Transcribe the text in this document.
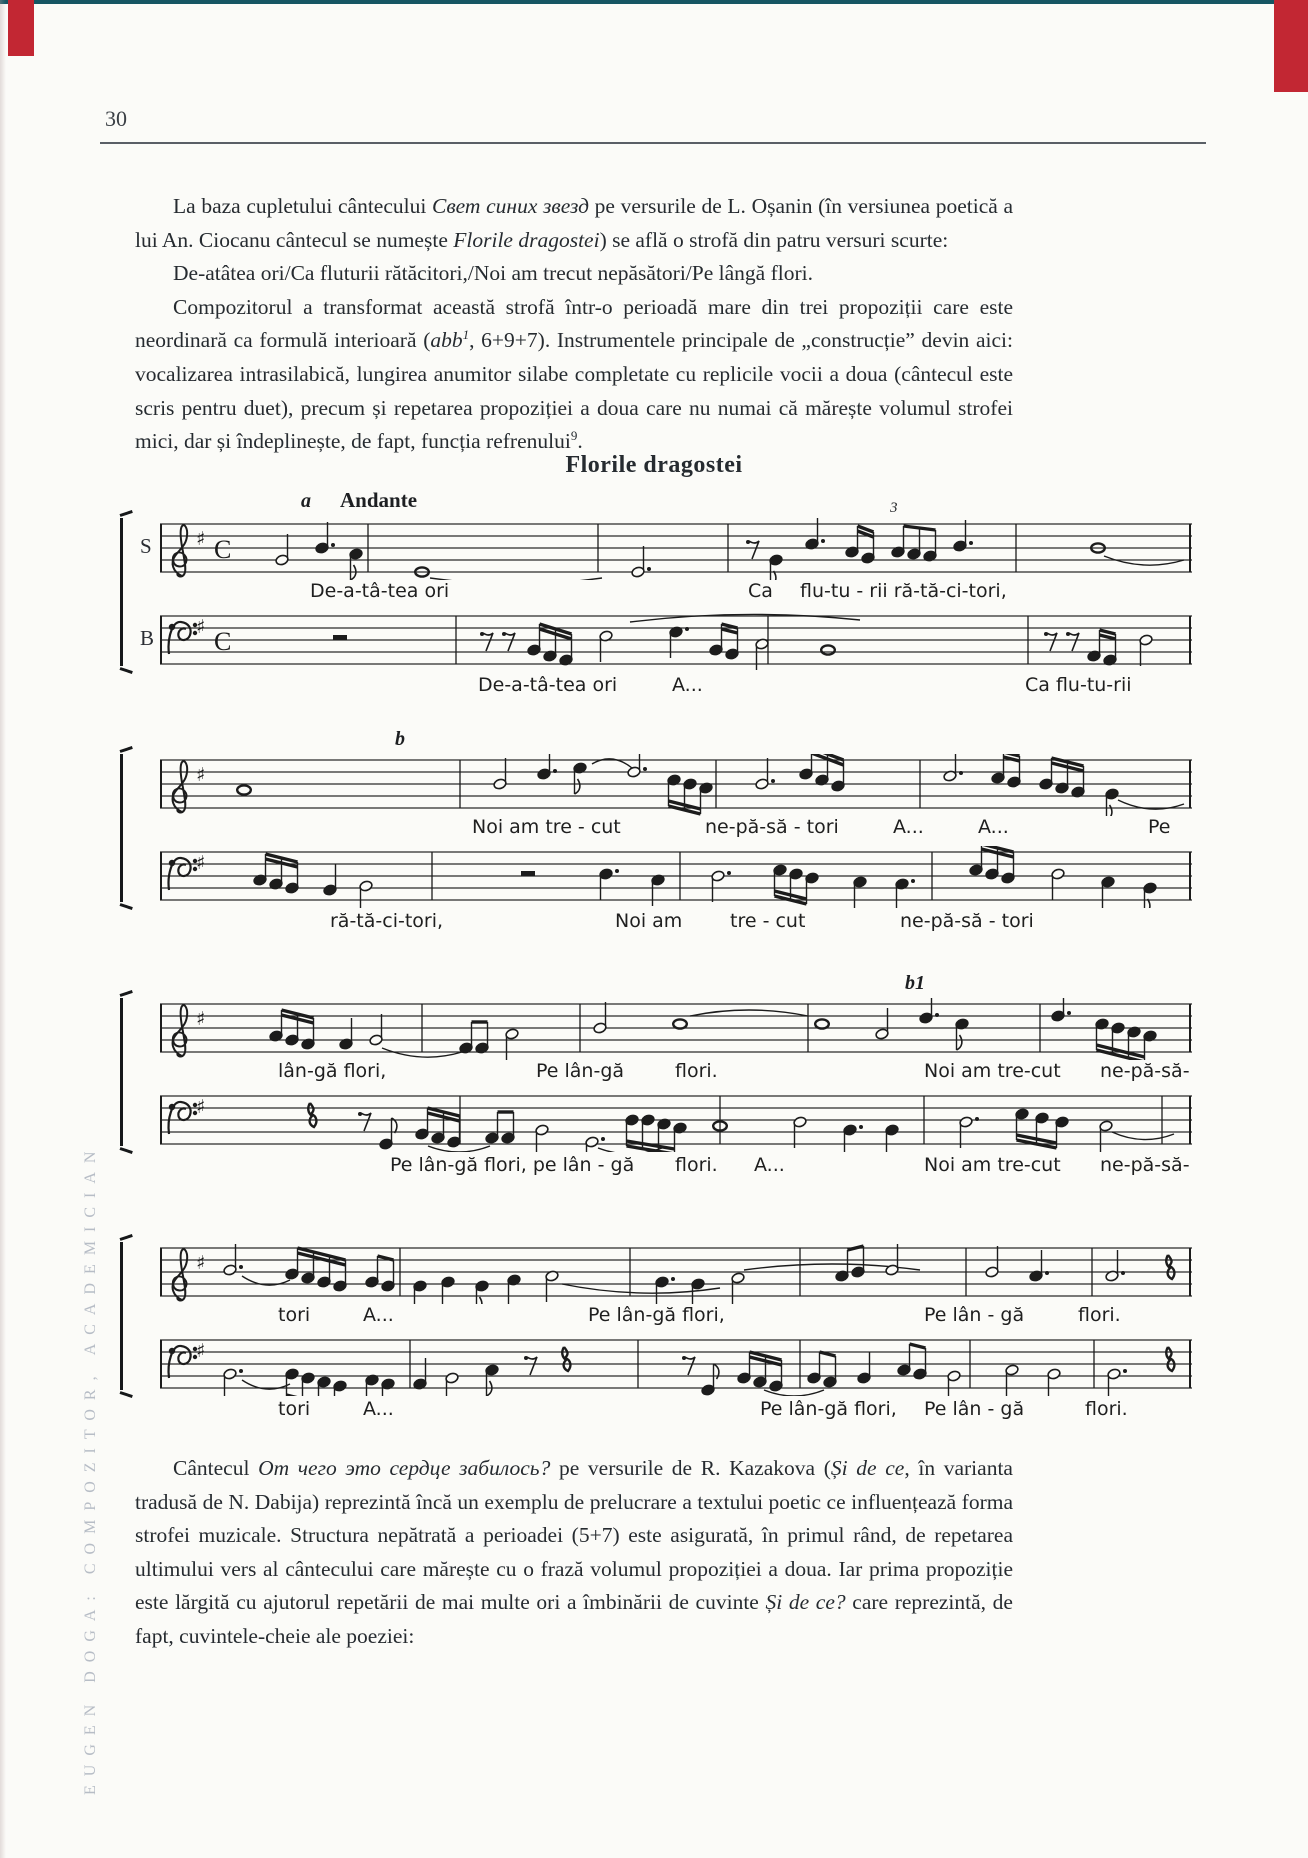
30
EUGEN DOGA: COMPOZITOR, ACADEMICIAN

La baza cupletului cântecului Свет синих звезд pe versurile de L. Oșanin (în versiunea poetică a lui An. Ciocanu cântecul se numește Florile dragostei) se află o strofă din patru versuri scurte:

De-atâtea ori/Ca fluturii rătăcitori,/Noi am trecut nepăsători/Pe lângă flori.

Compozitorul a transformat această strofă într-o perioadă mare din trei propoziții care este neordinară ca formulă interioară (abb$^1$, 6+9+7). Instrumentele principale de „construcție” devin aici: vocalizarea intrasilabică, lungirea anumitor silabe completate cu replicile vocii a doua (cântecul este scris pentru duet), precum și repetarea propoziției a doua care nu numai că mărește volumul strofei mici, dar și îndeplinește, de fapt, funcția refrenului$^9$.

Florile dragostei
a Andante	3
S
B
♯ C
♯ C
De-a-tâ-tea ori	Ca flu-tu - rii ră-tă-ci-tori,
De-a-tâ-tea ori	A...	Ca flu-tu-rii
b
♯
♯
Noi am tre - cut	ne-pă-să - tori	A...	A...	Pe
ră-tă-ci-tori,	Noi am	tre - cut	ne-pă-să - tori
b1
♯
♯
lân-gă flori,	Pe lân-gă	flori.	Noi am tre-cut ne-pă-să-
Pe lân-gă flori, pe lân - gă flori. A...	Noi am tre-cut ne-pă-să-
♯
♯
tori	A...	Pe lân-gă flori,	Pe lân - gă	flori.
tori	A...	Pe lân-gă flori, Pe lân - gă	flori.

Cântecul От чего это сердце забилось? pe versurile de R. Kazakova (Și de ce, în varianta tradusă de N. Dabija) reprezintă încă un exemplu de prelucrare a textului poetic ce influențează forma strofei muzicale. Structura nepătrată a perioadei (5+7) este asigurată, în primul rând, de repetarea ultimului vers al cântecului care mărește cu o frază volumul propoziției a doua. Iar prima propoziție este lărgită cu ajutorul repetării de mai multe ori a îmbinării de cuvinte Și de ce? care reprezintă, de fapt, cuvintele-cheie ale poeziei:
